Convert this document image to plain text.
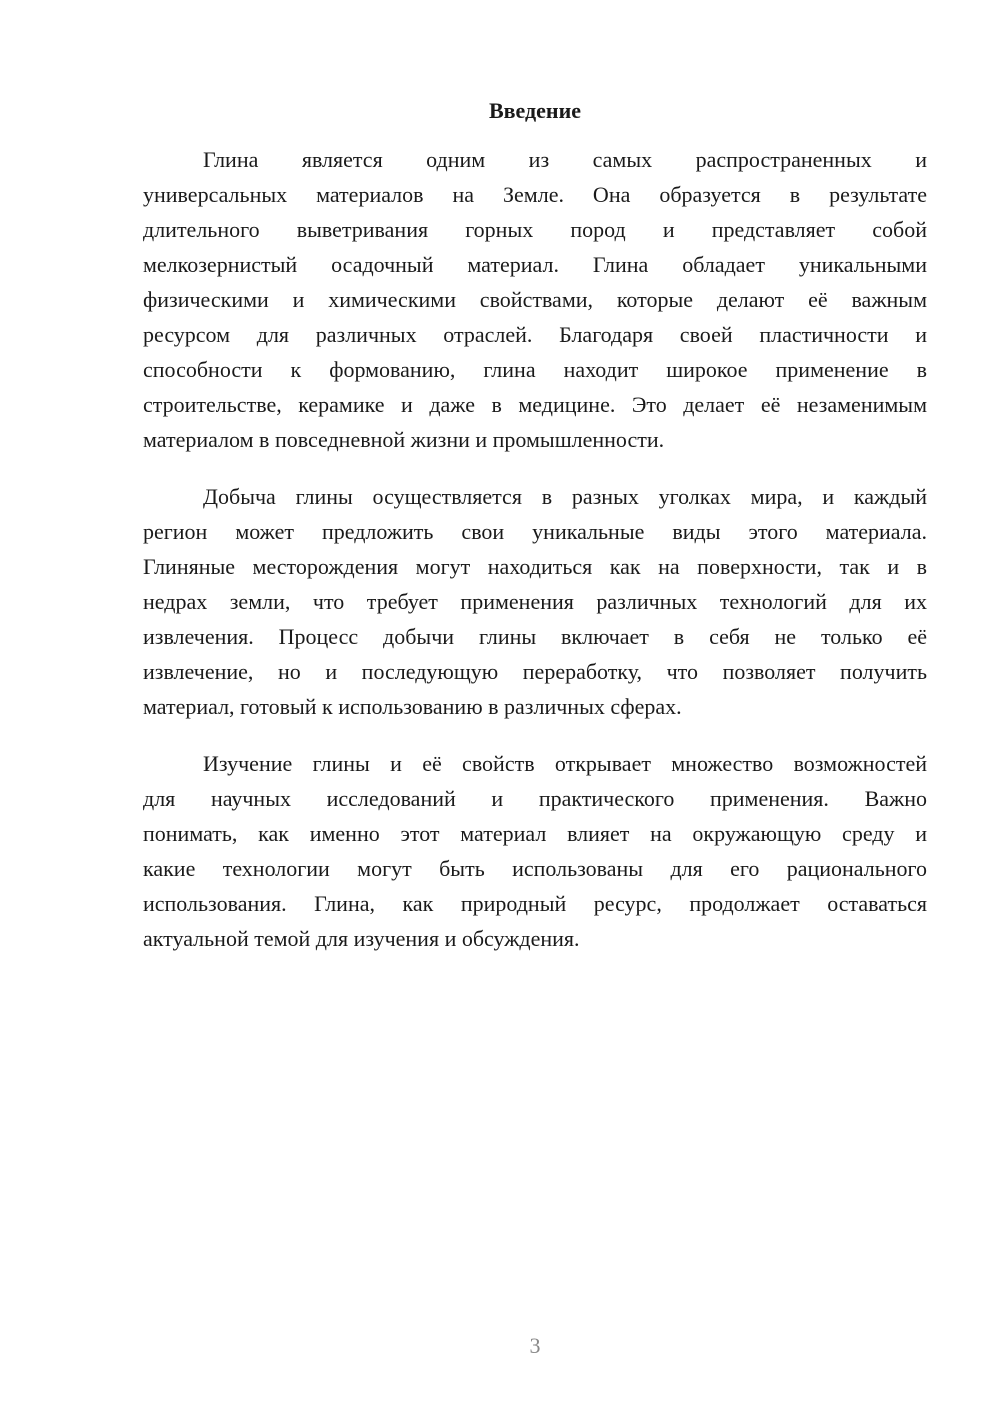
Введение
Глина является одним из самых распространенных и
универсальных материалов на Земле. Она образуется в результате
длительного выветривания горных пород и представляет собой
мелкозернистый осадочный материал. Глина обладает уникальными
физическими и химическими свойствами, которые делают её важным
ресурсом для различных отраслей. Благодаря своей пластичности и
способности к формованию, глина находит широкое применение в
строительстве, керамике и даже в медицине. Это делает её незаменимым
материалом в повседневной жизни и промышленности.
Добыча глины осуществляется в разных уголках мира, и каждый
регион может предложить свои уникальные виды этого материала.
Глиняные месторождения могут находиться как на поверхности, так и в
недрах земли, что требует применения различных технологий для их
извлечения. Процесс добычи глины включает в себя не только её
извлечение, но и последующую переработку, что позволяет получить
материал, готовый к использованию в различных сферах.
Изучение глины и её свойств открывает множество возможностей
для научных исследований и практического применения. Важно
понимать, как именно этот материал влияет на окружающую среду и
какие технологии могут быть использованы для его рационального
использования. Глина, как природный ресурс, продолжает оставаться
актуальной темой для изучения и обсуждения.
3
